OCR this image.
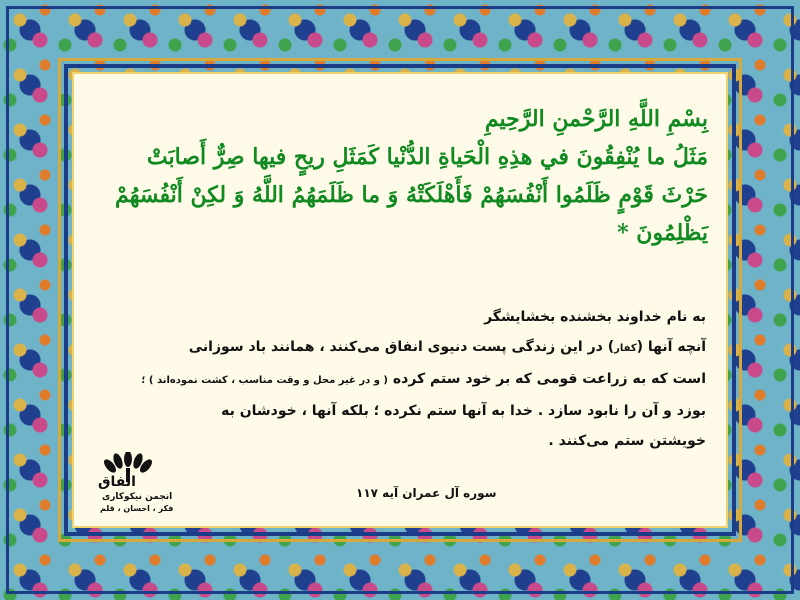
بِسْمِ اللَّهِ الرَّحْمنِ الرَّحِيمِ
مَثَلُ ما يُنْفِقُونَ في‏ هذِهِ الْحَياةِ الدُّنْيا كَمَثَلِ ريحٍ فيها صِرٌّ أَصابَتْ
حَرْثَ قَوْمٍ ظَلَمُوا أَنْفُسَهُمْ فَأَهْلَكَتْهُ وَ ما ظَلَمَهُمُ اللَّهُ وَ لكِنْ أَنْفُسَهُمْ
يَظْلِمُونَ *
به نام خداوند بخشنده بخشایشگر
آنچه آنها (کفار) در این زندگی پست دنیوی انفاق می‌کنند ، همانند باد سوزانی
است که به زراعت قومی که بر خود ستم کرده ( و در غیر محل و وقت مناسب ، کشت نموده‌اند ) ؛
بوزد و آن را نابود سازد . خدا به آنها ستم نکرده ؛ بلکه آنها ، خودشان به
خویشتن ستم می‌کنند .
سوره آل عمران آیه ۱۱۷
انفاق
انجمن نیکوکاری
فکر ، احسان ، قلم
